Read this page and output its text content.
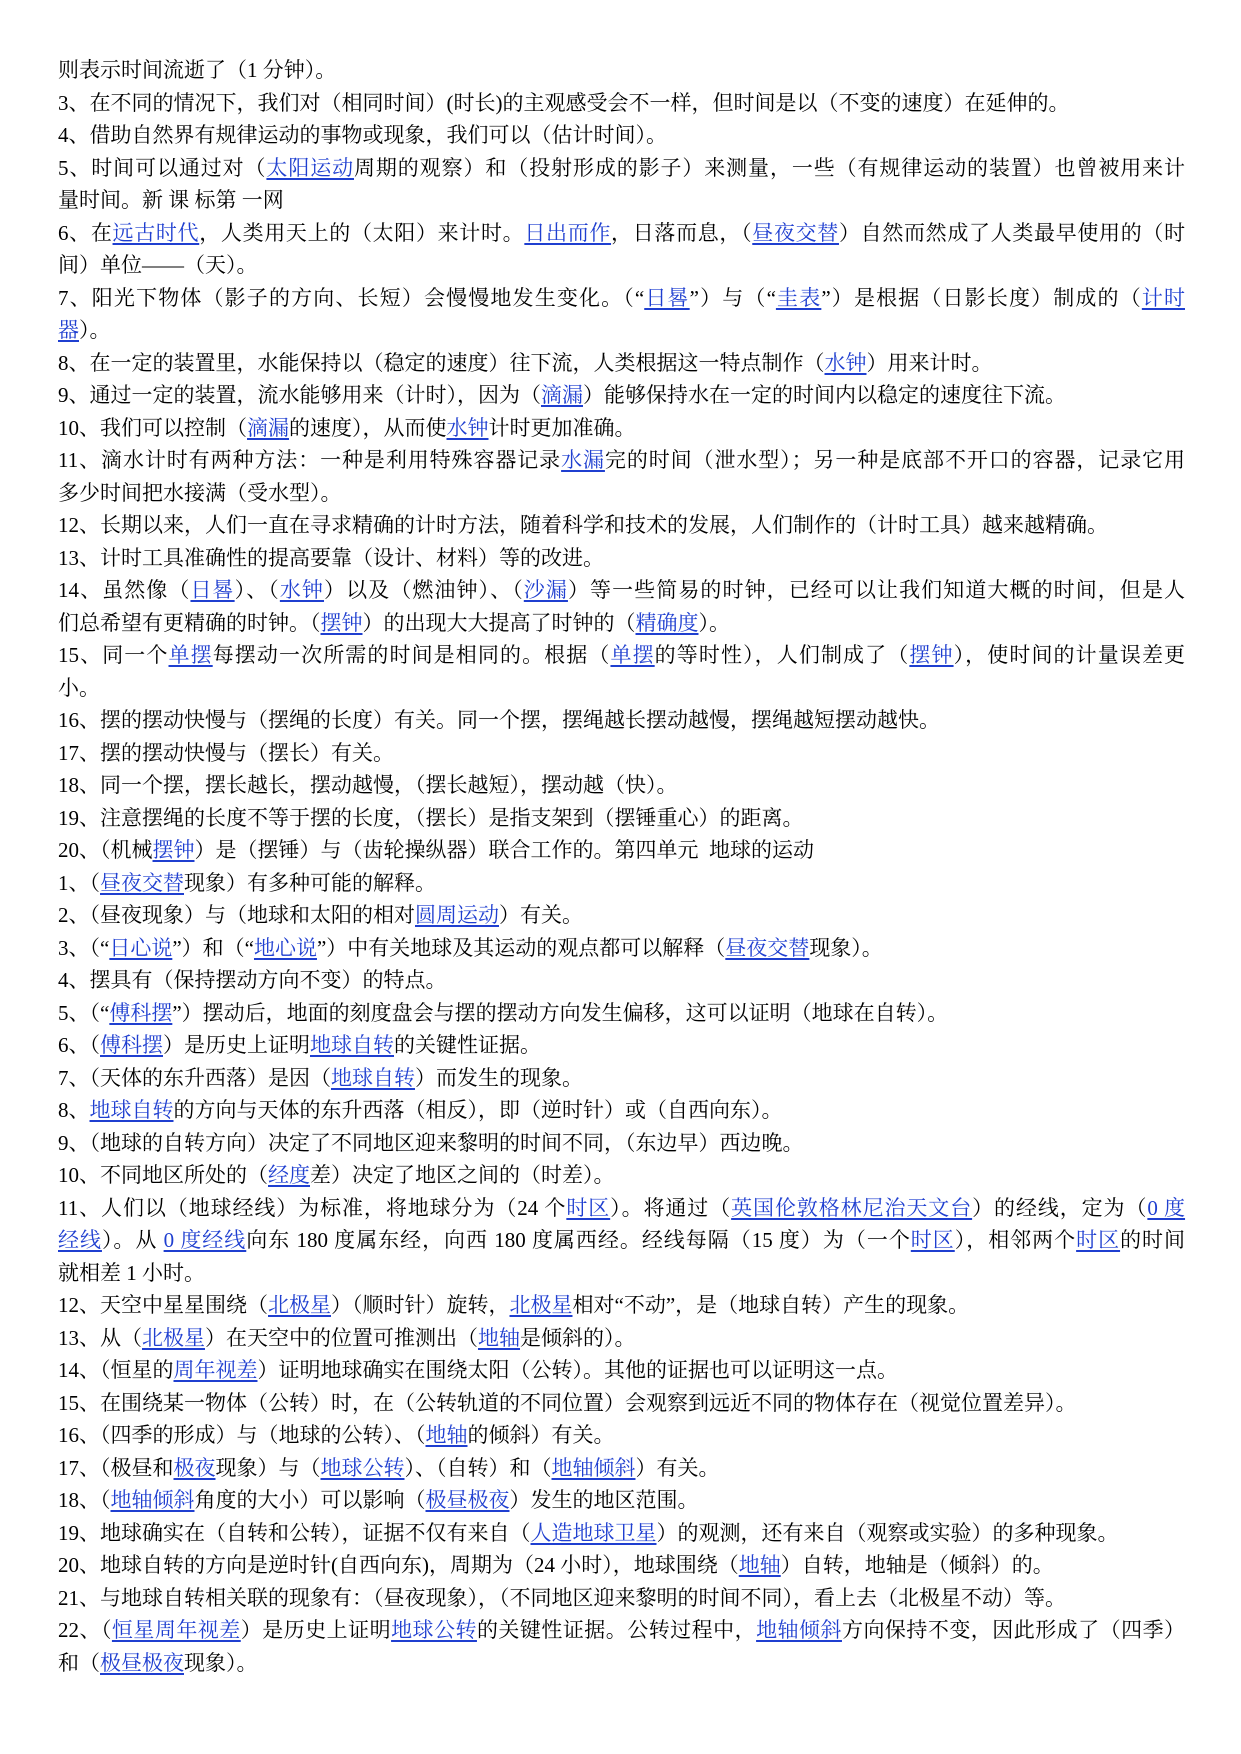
则表示时间流逝了（1 分钟）。
3、在不同的情况下，我们对（相同时间）(时长)的主观感受会不一样，但时间是以（不变的速度）在延伸的。
4、借助自然界有规律运动的事物或现象，我们可以（估计时间）。
5、时间可以通过对（太阳运动周期的观察）和（投射形成的影子）来测量，一些（有规律运动的装置）也曾被用来计
量时间。新 课 标第 一网
6、在远古时代，人类用天上的（太阳）来计时。日出而作，日落而息，（昼夜交替）自然而然成了人类最早使用的（时
间）单位——（天）。
7、阳光下物体（影子的方向、长短）会慢慢地发生变化。（“日晷”）与（“圭表”）是根据（日影长度）制成的（计时
器）。
8、在一定的装置里，水能保持以（稳定的速度）往下流，人类根据这一特点制作（水钟）用来计时。
9、通过一定的装置，流水能够用来（计时），因为（滴漏）能够保持水在一定的时间内以稳定的速度往下流。
10、我们可以控制（滴漏的速度），从而使水钟计时更加准确。
11、滴水计时有两种方法：一种是利用特殊容器记录水漏完的时间（泄水型）；另一种是底部不开口的容器，记录它用
多少时间把水接满（受水型）。
12、长期以来，人们一直在寻求精确的计时方法，随着科学和技术的发展，人们制作的（计时工具）越来越精确。
13、计时工具准确性的提高要靠（设计、材料）等的改进。
14、虽然像（日晷）、（水钟）以及（燃油钟）、（沙漏）等一些简易的时钟，已经可以让我们知道大概的时间，但是人
们总希望有更精确的时钟。（摆钟）的出现大大提高了时钟的（精确度）。
15、同一个单摆每摆动一次所需的时间是相同的。根据（单摆的等时性），人们制成了（摆钟），使时间的计量误差更
小。
16、摆的摆动快慢与（摆绳的长度）有关。同一个摆，摆绳越长摆动越慢，摆绳越短摆动越快。
17、摆的摆动快慢与（摆长）有关。
18、同一个摆，摆长越长，摆动越慢，（摆长越短），摆动越（快）。
19、注意摆绳的长度不等于摆的长度，（摆长）是指支架到（摆锤重心）的距离。
20、（机械摆钟）是（摆锤）与（齿轮操纵器）联合工作的。第四单元  地球的运动
1、（昼夜交替现象）有多种可能的解释。
2、（昼夜现象）与（地球和太阳的相对圆周运动）有关。
3、（“日心说”）和（“地心说”）中有关地球及其运动的观点都可以解释（昼夜交替现象）。
4、摆具有（保持摆动方向不变）的特点。
5、（“傅科摆”）摆动后，地面的刻度盘会与摆的摆动方向发生偏移，这可以证明（地球在自转）。
6、（傅科摆）是历史上证明地球自转的关键性证据。
7、（天体的东升西落）是因（地球自转）而发生的现象。
8、地球自转的方向与天体的东升西落（相反），即（逆时针）或（自西向东）。
9、（地球的自转方向）决定了不同地区迎来黎明的时间不同，（东边早）西边晚。
10、不同地区所处的（经度差）决定了地区之间的（时差）。
11、人们以（地球经线）为标准，将地球分为（24 个时区）。将通过（英国伦敦格林尼治天文台）的经线，定为（0 度
经线）。从 0 度经线向东 180 度属东经，向西 180 度属西经。经线每隔（15 度）为（一个时区），相邻两个时区的时间
就相差 1 小时。
12、天空中星星围绕（北极星）（顺时针）旋转，北极星相对“不动”，是（地球自转）产生的现象。
13、从（北极星）在天空中的位置可推测出（地轴是倾斜的）。
14、（恒星的周年视差）证明地球确实在围绕太阳（公转）。其他的证据也可以证明这一点。
15、在围绕某一物体（公转）时，在（公转轨道的不同位置）会观察到远近不同的物体存在（视觉位置差异）。
16、（四季的形成）与（地球的公转）、（地轴的倾斜）有关。
17、（极昼和极夜现象）与（地球公转）、（自转）和（地轴倾斜）有关。
18、（地轴倾斜角度的大小）可以影响（极昼极夜）发生的地区范围。
19、地球确实在（自转和公转），证据不仅有来自（人造地球卫星）的观测，还有来自（观察或实验）的多种现象。
20、地球自转的方向是逆时针(自西向东)，周期为（24 小时），地球围绕（地轴）自转，地轴是（倾斜）的。
21、与地球自转相关联的现象有：（昼夜现象），（不同地区迎来黎明的时间不同），看上去（北极星不动）等。
22、（恒星周年视差）是历史上证明地球公转的关键性证据。公转过程中，地轴倾斜方向保持不变，因此形成了（四季）
和（极昼极夜现象）。
